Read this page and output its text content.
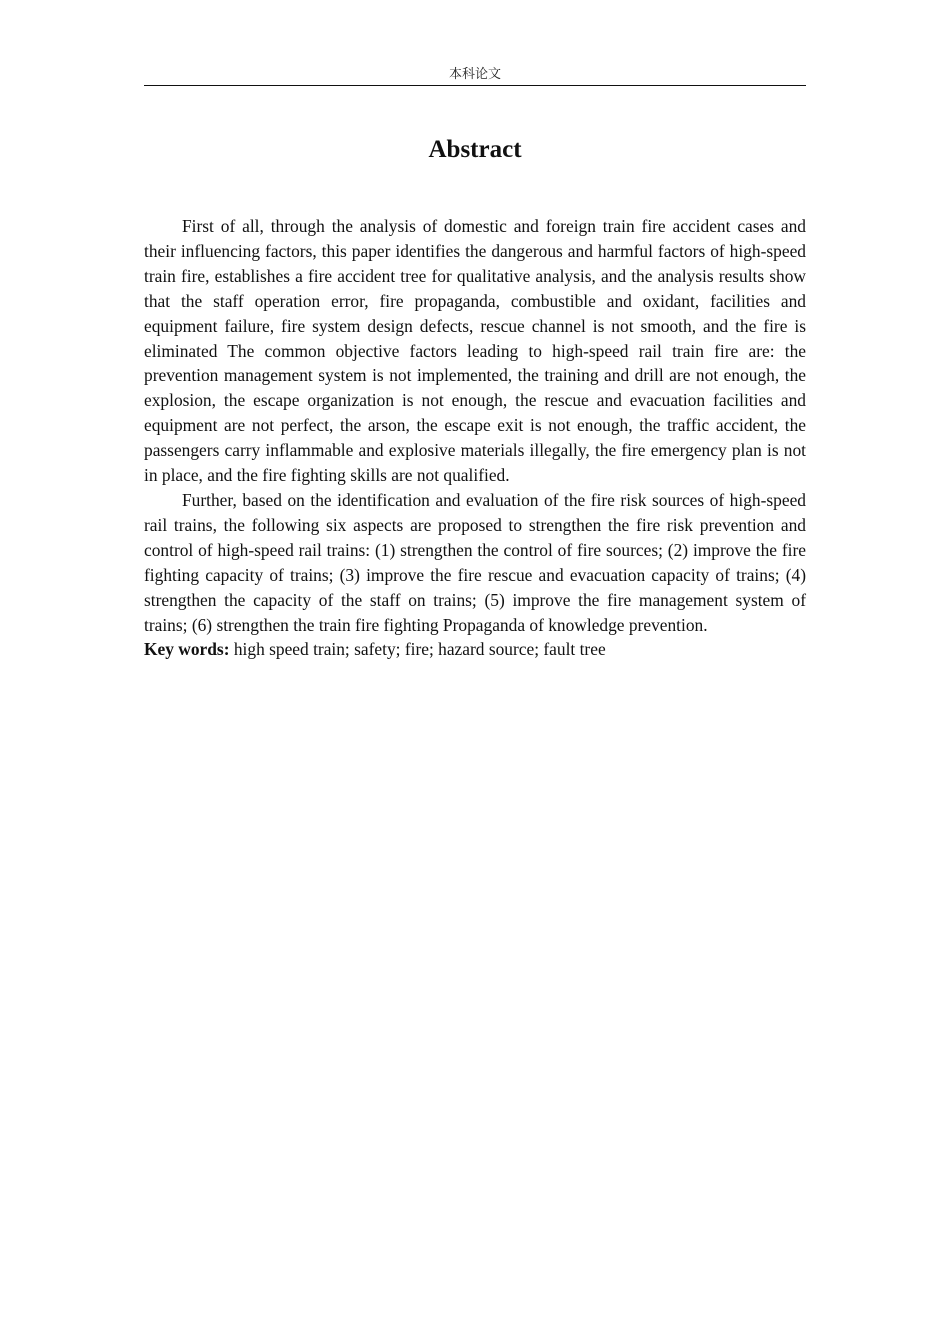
本科论文
Abstract

First of all, through the analysis of domestic and foreign train fire accident cases and their influencing factors, this paper identifies the dangerous and harmful factors of high-speed train fire, establishes a fire accident tree for qualitative analysis, and the analysis results show that the staff operation error, fire propaganda, combustible and oxidant, facilities and equipment failure, fire system design defects, rescue channel is not smooth, and the fire is eliminated The common objective factors leading to high-speed rail train fire are: the prevention management system is not implemented, the training and drill are not enough, the explosion, the escape organization is not enough, the rescue and evacuation facilities and equipment are not perfect, the arson, the escape exit is not enough, the traffic accident, the passengers carry inflammable and explosive materials illegally, the fire emergency plan is not in place, and the fire fighting skills are not qualified.

Further, based on the identification and evaluation of the fire risk sources of high-speed rail trains, the following six aspects are proposed to strengthen the fire risk prevention and control of high-speed rail trains: (1) strengthen the control of fire sources; (2) improve the fire fighting capacity of trains; (3) improve the fire rescue and evacuation capacity of trains; (4) strengthen the capacity of the staff on trains; (5) improve the fire management system of trains; (6) strengthen the train fire fighting Propaganda of knowledge prevention.

Key words: high speed train; safety; fire; hazard source; fault tree
